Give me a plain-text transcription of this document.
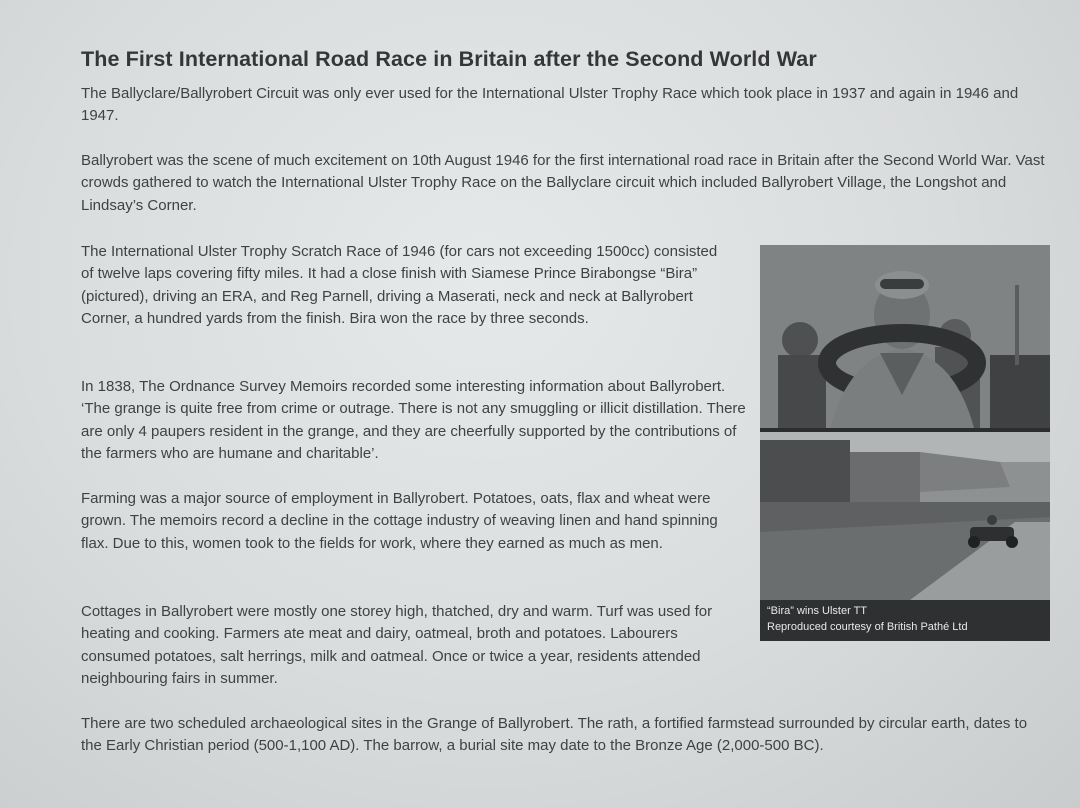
The First International Road Race in Britain after the Second World War
The Ballyclare/Ballyrobert Circuit was only ever used for the International Ulster Trophy Race which took place in 1937 and again in 1946 and 1947.
Ballyrobert was the scene of much excitement on 10th August 1946 for the first international road race in Britain after the Second World War. Vast crowds gathered to watch the International Ulster Trophy Race on the Ballyclare circuit which included Ballyrobert Village, the Longshot and Lindsay’s Corner.
The International Ulster Trophy Scratch Race of 1946 (for cars not exceeding 1500cc) consisted of twelve laps covering fifty miles. It had a close finish with Siamese Prince Birabongse “Bira” (pictured), driving an ERA, and Reg Parnell, driving a Maserati, neck and neck at Ballyrobert Corner, a hundred yards from the finish. Bira won the race by three seconds.
In 1838, The Ordnance Survey Memoirs recorded some interesting information about Ballyrobert. ‘The grange is quite free from crime or outrage. There is not any smuggling or illicit distillation. There are only 4 paupers resident in the grange, and they are cheerfully supported by the contributions of the farmers who are humane and charitable’.
Farming was a major source of employment in Ballyrobert. Potatoes, oats, flax and wheat were grown. The memoirs record a decline in the cottage industry of weaving linen and hand spinning flax. Due to this, women took to the fields for work, where they earned as much as men.
Cottages in Ballyrobert were mostly one storey high, thatched, dry and warm. Turf was used for heating and cooking. Farmers ate meat and dairy, oatmeal, broth and potatoes. Labourers consumed potatoes, salt herrings, milk and oatmeal. Once or twice a year, residents attended neighbouring fairs in summer.
There are two scheduled archaeological sites in the Grange of Ballyrobert. The rath, a fortified farmstead surrounded by circular earth, dates to the Early Christian period (500-1,100 AD). The barrow, a burial site may date to the Bronze Age (2,000-500 BC).
“Bira” wins Ulster TT
Reproduced courtesy of British Pathé Ltd
